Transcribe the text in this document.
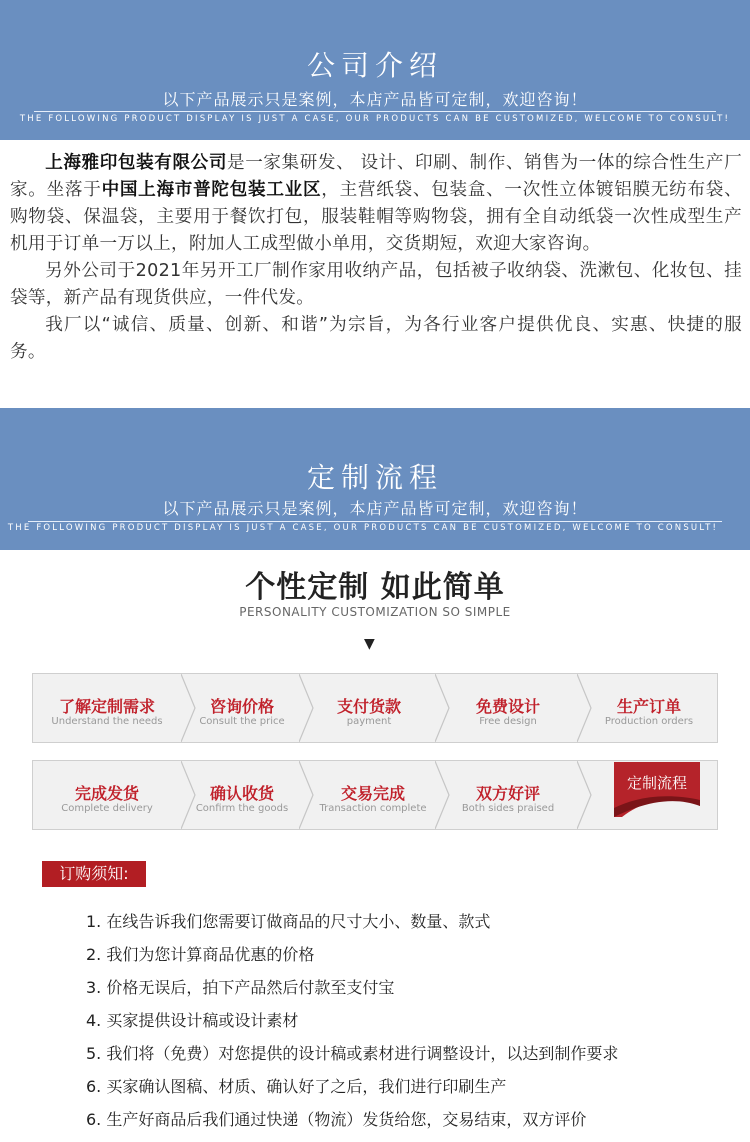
公司介绍
以下产品展示只是案例，本店产品皆可定制，欢迎咨询！
THE FOLLOWING PRODUCT DISPLAY IS JUST A CASE, OUR PRODUCTS CAN BE CUSTOMIZED, WELCOME TO CONSULT!

上海雅印包装有限公司是一家集研发、 设计、印刷、制作、销售为一体的综合性生产厂家。坐落于中国上海市普陀包装工业区，主营纸袋、包装盒、一次性立体镀铝膜无纺布袋、购物袋、保温袋，主要用于餐饮打包，服装鞋帽等购物袋，拥有全自动纸袋一次性成型生产机用于订单一万以上，附加人工成型做小单用，交货期短，欢迎大家咨询。

另外公司于2021年另开工厂制作家用收纳产品，包括被子收纳袋、洗漱包、化妆包、挂袋等，新产品有现货供应，一件代发。

我厂以“诚信、质量、创新、和谐”为宗旨，为各行业客户提供优良、实惠、快捷的服务。

定制流程
以下产品展示只是案例，本店产品皆可定制，欢迎咨询！
THE FOLLOWING PRODUCT DISPLAY IS JUST A CASE, OUR PRODUCTS CAN BE CUSTOMIZED, WELCOME TO CONSULT!
个性定制 如此简单
PERSONALITY CUSTOMIZATION SO SIMPLE
▼
了解定制需求
Understand the needs
咨询价格
Consult the price
支付货款
payment
免费设计
Free design
生产订单
Production orders
完成发货
Complete delivery
确认收货
Confirm the goods
交易完成
Transaction complete
双方好评
Both sides praised
定制流程
订购须知:
1. 在线告诉我们您需要订做商品的尺寸大小、数量、款式
2. 我们为您计算商品优惠的价格
3. 价格无误后，拍下产品然后付款至支付宝
4. 买家提供设计稿或设计素材
5. 我们将（免费）对您提供的设计稿或素材进行调整设计，以达到制作要求
6. 买家确认图稿、材质、确认好了之后，我们进行印刷生产
6. 生产好商品后我们通过快递（物流）发货给您，交易结束，双方评价
